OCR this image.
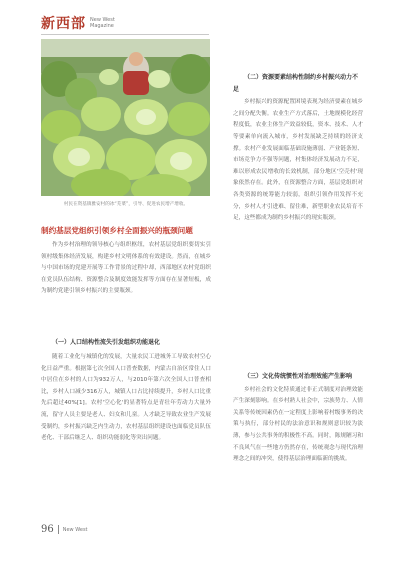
新西部 New West
Magazine
村民在资基镇雅安村的冰“芜菜”，引导、促进农民增产增收。
制约基层党组织引领乡村全面振兴的瓶颈问题

作为乡村治理的领导核心与组织枢纽，农村基层党组织要切实引领村级集体经济发展，构建乡村文明体系的有效建设。然而，在城乡与中国市场的党建开展等工作背景的过程中却，西部地区农村党组织在党员队伍结构、资源整合及制度效能发挥等方面存在显著短板，成为制约党建引领乡村振兴的主要瓶颈。

（一）人口结构性流失引发组织功能退化

随着工业化与城镇化的发展，大量农民工进城务工导致农村空心化日益严重。根据第七次全国人口普查数据，内蒙古自治区常住人口中居住在乡村的人口为932万人，与2010年第六次全国人口普查相比，乡村人口减少316万人，城镇人口占比持续提升，乡村人口比重先后超过40%[1]。农村'空心化'的显著特点是青壮年劳动力大量外流，留守人员主要是老人、妇女和儿童。人才缺乏导致农业生产发展受制约，乡村振兴缺乏内生动力，农村基层组织建设也面临党员队伍老化、干部后继乏人、组织功能弱化等突出问题。

（二）资源要素结构性制约乡村振兴动力不足

乡村振兴的资源配置困境表现为经济要素在城乡之间分配失衡。农业生产方式落后，土地规模化经营程度低，农业主体生产效益较低，资本、技术、人才等要素单向流入城市，乡村发展缺乏持续的经济支撑。农村产业发展面临基础设施薄弱、产业链条短、市场竞争力不强等问题，村集体经济发展动力不足，难以形成农民增收的长效机制，部分地区'空壳村'现象依然存在。此外，在资源整合方面，基层党组织对各类资源的统筹能力较弱，组织引领作用发挥不充分，乡村人才引进难、留住难，新型职业农民培育不足，这些都成为制约乡村振兴的现实瓶颈。

（三）文化传统惯性对治理效能产生影响

乡村社会的文化特质通过非正式制度对治理效能产生深刻影响。在乡村熟人社会中，宗族势力、人情关系等传统因素仍在一定程度上影响着村级事务的决策与执行，部分村民的法治意识和规则意识较为淡薄，参与公共事务的积极性不高。同时，陈规陋习和不良风气在一些地方仍然存在，传统观念与现代治理理念之间的冲突，使得基层治理面临新的挑战。

96 New West
